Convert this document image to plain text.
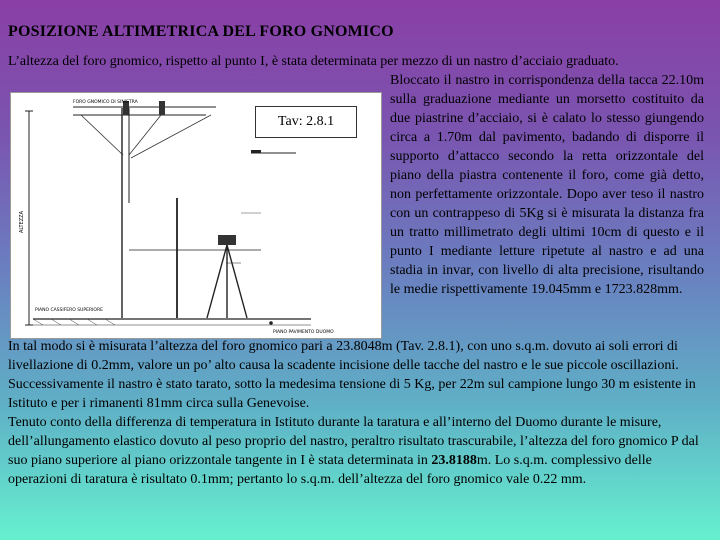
POSIZIONE ALTIMETRICA DEL FORO GNOMICO
L’altezza del foro gnomico, rispetto al punto I, è stata determinata per mezzo di un nastro d’acciaio graduato.
FORO GNOMICO DI SINISTRA
ALTEZZA
PIANO CASSIFERO SUPERIORE
PIANO PAVIMENTO DUOMO
Tav: 2.8.1
Bloccato il nastro in corrispondenza della tacca 22.10m sulla graduazione mediante un morsetto costituito da due piastrine d’acciaio, si è calato lo stesso giungendo circa a 1.70m dal pavimento, badando di disporre il supporto d’attacco secondo la retta orizzontale del piano della piastra contenente il foro, come già detto, non perfettamente orizzontale. Dopo aver teso il nastro con un contrappeso di 5Kg si è misurata la distanza fra un tratto millimetrato degli ultimi 10cm di questo e il punto I mediante letture ripetute al nastro e ad una stadia in invar, con livello di alta precisione, risultando le medie rispettivamente 19.045mm e 1723.828mm.

In tal modo si è misurata l’altezza del foro gnomico pari a 23.8048m (Tav. 2.8.1), con uno s.q.m. dovuto ai soli errori di livellazione di 0.2mm, valore un po’ alto causa la scadente incisione delle tacche del nastro e le sue piccole oscillazioni.

Successivamente il nastro è stato tarato, sotto la medesima tensione di 5 Kg, per 22m sul campione lungo 30 m esistente in Istituto e per i rimanenti 81mm circa sulla Genevoise.

Tenuto conto della differenza di temperatura in Istituto durante la taratura e all’interno del Duomo durante le misure, dell’allungamento elastico dovuto al peso proprio del nastro, peraltro risultato trascurabile, l’altezza del foro gnomico P dal suo piano superiore al piano orizzontale tangente in I è stata determinata in 23.8188m. Lo s.q.m. complessivo delle operazioni di taratura è risultato 0.1mm; pertanto lo s.q.m. dell’altezza del foro gnomico vale 0.22 mm.
